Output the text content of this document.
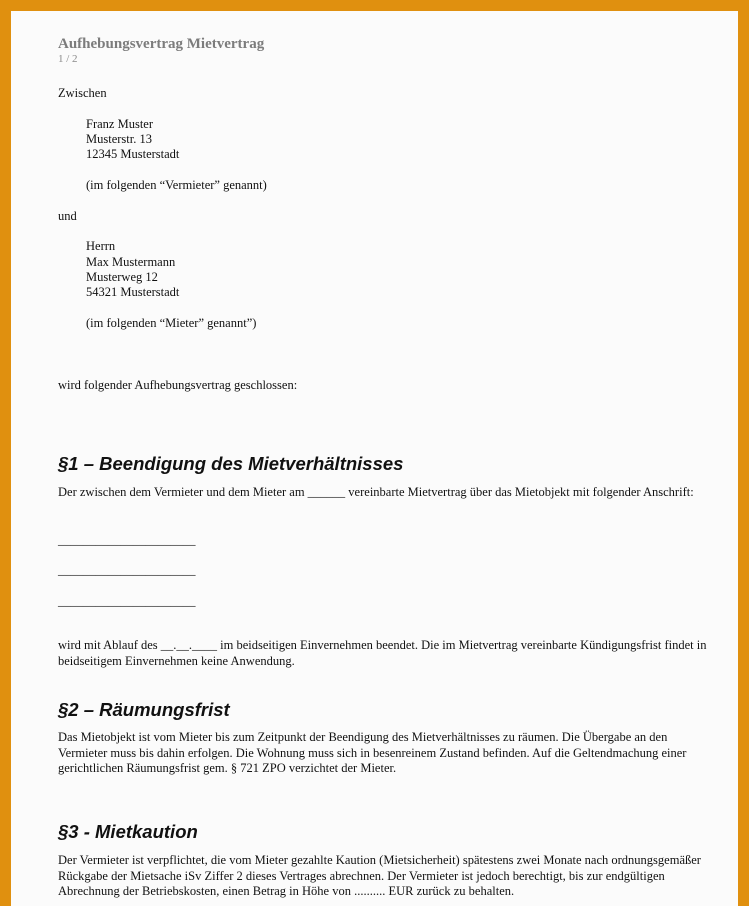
Aufhebungsvertrag Mietvertrag
1 / 2
Zwischen
Franz Muster
Musterstr. 13
12345 Musterstadt
(im folgenden “Vermieter” genannt)
und
Herrn
Max Mustermann
Musterweg 12
54321 Musterstadt
(im folgenden “Mieter” genannt”)
wird folgender Aufhebungsvertrag geschlossen:
§1 – Beendigung des Mietverhältnisses
Der zwischen dem Vermieter und dem Mieter am ______ vereinbarte Mietvertrag über das Mietobjekt mit folgender Anschrift:
______________________
______________________
______________________
wird mit Ablauf des __.__.____ im beidseitigen Einvernehmen beendet. Die im Mietvertrag vereinbarte Kündigungsfrist findet in beidseitigem Einvernehmen keine Anwendung.
§2 – Räumungsfrist
Das Mietobjekt ist vom Mieter bis zum Zeitpunkt der Beendigung des Mietverhältnisses zu räumen. Die Übergabe an den Vermieter muss bis dahin erfolgen. Die Wohnung muss sich in besenreinem Zustand befinden. Auf die Geltendmachung einer gerichtlichen Räumungsfrist gem. § 721 ZPO verzichtet der Mieter.
§3 - Mietkaution
Der Vermieter ist verpflichtet, die vom Mieter gezahlte Kaution (Mietsicherheit) spätestens zwei Monate nach ordnungsgemäßer Rückgabe der Mietsache iSv Ziffer 2 dieses Vertrages abrechnen. Der Vermieter ist jedoch berechtigt, bis zur endgültigen Abrechnung der Betriebskosten, einen Betrag in Höhe von .......... EUR zurück zu behalten.
